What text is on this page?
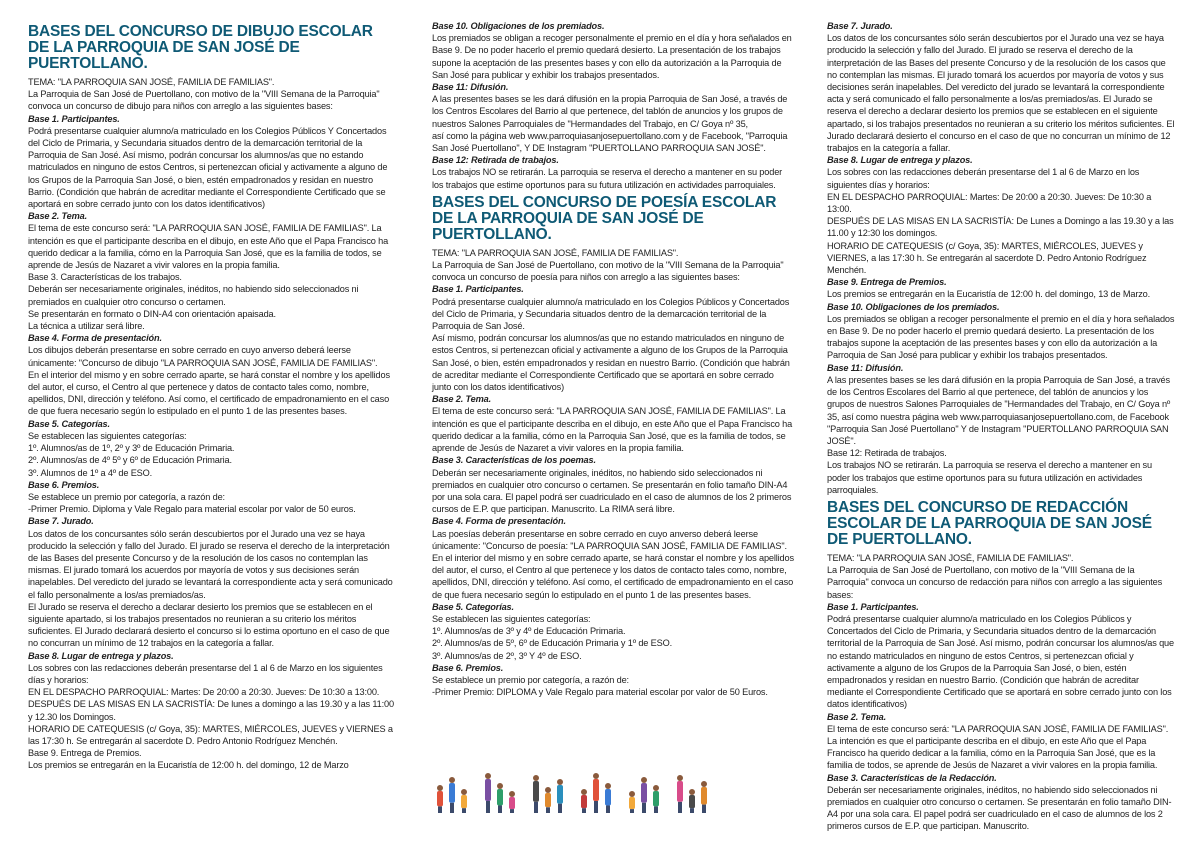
BASES DEL CONCURSO DE DIBUJO ESCOLAR DE LA PARROQUIA DE SAN JOSÉ DE PUERTOLLANO.

TEMA: "LA PARROQUIA SAN JOSÉ, FAMILIA DE FAMILIAS".

La Parroquia de San José de Puertollano, con motivo de la "VIII Semana de la Parroquia" convoca un concurso de dibujo para niños con arreglo a las siguientes bases:

Base 1. Participantes.

Podrá presentarse cualquier alumno/a matriculado en los Colegios Públicos Y Concertados del Ciclo de Primaria, y Secundaria situados dentro de la demarcación territorial de la Parroquia de San José. Así mismo, podrán concursar los alumnos/as que no estando matriculados en ninguno de estos Centros, si pertenezcan oficial y activamente a alguno de los Grupos de la Parroquia San José, o bien, estén empadronados y residan en nuestro Barrio. (Condición que habrán de acreditar mediante el Correspondiente Certificado que se aportará en sobre cerrado junto con los datos identificativos)

Base 2. Tema.

El tema de este concurso será: "LA PARROQUIA SAN JOSÉ, FAMILIA DE FAMILIAS". La intención es que el participante describa en el dibujo, en este Año que el Papa Francisco ha querido dedicar a la familia, cómo en la Parroquia San José, que es la familia de todos, se aprende de Jesús de Nazaret a vivir valores en la propia familia.

Base 3. Características de los trabajos.

Deberán ser necesariamente originales, inéditos, no habiendo sido seleccionados ni premiados en cualquier otro concurso o certamen.

Se presentarán en formato o DIN-A4 con orientación apaisada.

La técnica a utilizar será libre.

Base 4. Forma de presentación.

Los dibujos deberán presentarse en sobre cerrado en cuyo anverso deberá leerse únicamente: "Concurso de dibujo "LA PARROQUIA SAN JOSÉ, FAMILIA DE FAMILIAS".

En el interior del mismo y en sobre cerrado aparte, se hará constar el nombre y los apellidos del autor, el curso, el Centro al que pertenece y datos de contacto tales como, nombre, apellidos, DNI, dirección y teléfono. Así como, el certificado de empadronamiento en el caso de que fuera necesario según lo estipulado en el punto 1 de las presentes bases.

Base 5. Categorías.

Se establecen las siguientes categorías:

1º. Alumnos/as de 1º, 2º y 3º de Educación Primaria.

2º. Alumnos/as de 4º 5º y 6º de Educación Primaria.

3º. Alumnos de 1º a 4º de ESO.

Base 6. Premios.

Se establece un premio por categoría, a razón de:

-Primer Premio. Diploma y Vale Regalo para material escolar por valor de 50 euros.

Base 7. Jurado.

Los datos de los concursantes sólo serán descubiertos por el Jurado una vez se haya producido la selección y fallo del Jurado. El jurado se reserva el derecho de la interpretación de las Bases del presente Concurso y de la resolución de los casos no contemplan las mismas. El jurado tomará los acuerdos por mayoría de votos y sus decisiones serán inapelables. Del veredicto del jurado se levantará la correspondiente acta y será comunicado el fallo personalmente a los/as premiados/as.

El Jurado se reserva el derecho a declarar desierto los premios que se establecen en el siguiente apartado, si los trabajos presentados no reunieran a su criterio los méritos suficientes. El Jurado declarará desierto el concurso si lo estima oportuno en el caso de que no concurran un mínimo de 12 trabajos en la categoría a fallar.

Base 8. Lugar de entrega y plazos.

Los sobres con las redacciones deberán presentarse del 1 al 6 de Marzo en los siguientes días y horarios:

EN EL DESPACHO PARROQUIAL: Martes: De 20:00 a 20:30. Jueves: De 10:30 a 13:00.

DESPUÉS DE LAS MISAS EN LA SACRISTÍA: De lunes a domingo a las 19.30 y a las 11:00 y 12.30 los Domingos.

HORARIO DE CATEQUESIS (c/ Goya, 35): MARTES, MIÉRCOLES, JUEVES y VIERNES a las 17:30 h. Se entregarán al sacerdote D. Pedro Antonio Rodríguez Menchén.

Base 9. Entrega de Premios.

Los premios se entregarán en la Eucaristía de 12:00 h. del domingo, 12 de Marzo

Base 10. Obligaciones de los premiados.

Los premiados se obligan a recoger personalmente el premio en el día y hora señalados en Base 9. De no poder hacerlo el premio quedará desierto. La presentación de los trabajos supone la aceptación de las presentes bases y con ello da autorización a la Parroquia de San José para publicar y exhibir los trabajos presentados.

Base 11: Difusión.

A las presentes bases se les dará difusión en la propia Parroquia de San José, a través de los Centros Escolares del Barrio al que pertenece, del tablón de anuncios y los grupos de nuestros Salones Parroquiales de "Hermandades del Trabajo, en C/ Goya nº 35,

así como la página web www.parroquiasanjosepuertollano.com y de Facebook, "Parroquia San José Puertollano", Y DE Instagram "PUERTOLLANO PARROQUIA SAN JOSÉ".

Base 12: Retirada de trabajos.

Los trabajos NO se retirarán. La parroquia se reserva el derecho a mantener en su poder los trabajos que estime oportunos para su futura utilización en actividades parroquiales.

BASES DEL CONCURSO DE POESÍA ESCOLAR DE LA PARROQUIA DE SAN JOSÉ DE PUERTOLLANO.

TEMA: "LA PARROQUIA SAN JOSÉ, FAMILIA DE FAMILIAS".

La Parroquia de San José de Puertollano, con motivo de la "VIII Semana de la Parroquia" convoca un concurso de poesía para niños con arreglo a las siguientes bases:

Base 1. Participantes.

Podrá presentarse cualquier alumno/a matriculado en los Colegios Públicos y Concertados del Ciclo de Primaria, y Secundaria situados dentro de la demarcación territorial de la Parroquia de San José.

Así mismo, podrán concursar los alumnos/as que no estando matriculados en ninguno de estos Centros, si pertenezcan oficial y activamente a alguno de los Grupos de la Parroquia San José, o bien, estén empadronados y residan en nuestro Barrio. (Condición que habrán de acreditar mediante el Correspondiente Certificado que se aportará en sobre cerrado junto con los datos identificativos)

Base 2. Tema.

El tema de este concurso será: "LA PARROQUIA SAN JOSÉ, FAMILIA DE FAMILIAS". La intención es que el participante describa en el dibujo, en este Año que el Papa Francisco ha querido dedicar a la familia, cómo en la Parroquia San José, que es la familia de todos, se aprende de Jesús de Nazaret a vivir valores en la propia familia.

Base 3. Características de los poemas.

Deberán ser necesariamente originales, inéditos, no habiendo sido seleccionados ni premiados en cualquier otro concurso o certamen. Se presentarán en folio tamaño DIN-A4 por una sola cara. El papel podrá ser cuadriculado en el caso de alumnos de los 2 primeros cursos de E.P. que participan. Manuscrito. La RIMA será libre.

Base 4. Forma de presentación.

Las poesías deberán presentarse en sobre cerrado en cuyo anverso deberá leerse únicamente: "Concurso de poesía: "LA PARROQUIA SAN JOSÉ, FAMILIA DE FAMILIAS".

En el interior del mismo y en sobre cerrado aparte, se hará constar el nombre y los apellidos del autor, el curso, el Centro al que pertenece y los datos de contacto tales como, nombre, apellidos, DNI, dirección y teléfono. Así como, el certificado de empadronamiento en el caso de que fuera necesario según lo estipulado en el punto 1 de las presentes bases.

Base 5. Categorías.

Se establecen las siguientes categorías:

1º. Alumnos/as de 3º y 4º de Educación Primaria.

2º. Alumnos/as de 5º, 6º de Educación Primaria y 1º de ESO.

3º. Alumnos/as de 2º, 3º Y 4º de ESO.

Base 6. Premios.

Se establece un premio por categoría, a razón de:

-Primer Premio: DIPLOMA y Vale Regalo para material escolar por valor de 50 Euros.

Base 7. Jurado.

Los datos de los concursantes sólo serán descubiertos por el Jurado una vez se haya producido la selección y fallo del Jurado. El jurado se reserva el derecho de la interpretación de las Bases del presente Concurso y de la resolución de los casos que no contemplan las mismas. El jurado tomará los acuerdos por mayoría de votos y sus decisiones serán inapelables. Del veredicto del jurado se levantará la correspondiente acta y será comunicado el fallo personalmente a los/as premiados/as. El Jurado se reserva el derecho a declarar desierto los premios que se establecen en el siguiente apartado, si los trabajos presentados no reunieran a su criterio los méritos suficientes. El Jurado declarará desierto el concurso en el caso de que no concurran un mínimo de 12 trabajos en la categoría a fallar.

Base 8. Lugar de entrega y plazos.

Los sobres con las redacciones deberán presentarse del 1 al 6 de Marzo en los siguientes días y horarios:

EN EL DESPACHO PARROQUIAL: Martes: De 20:00 a 20:30. Jueves: De 10:30 a 13:00.

DESPUÉS DE LAS MISAS EN LA SACRISTÍA: De Lunes a Domingo a las 19.30 y a las 11.00 y 12:30 los domingos.

HORARIO DE CATEQUESIS (c/ Goya, 35): MARTES, MIÉRCOLES, JUEVES y VIERNES, a las 17:30 h. Se entregarán al sacerdote D. Pedro Antonio Rodríguez Menchén.

Base 9. Entrega de Premios.

Los premios se entregarán en la Eucaristía de 12:00 h. del domingo, 13 de Marzo.

Base 10. Obligaciones de los premiados.

Los premiados se obligan a recoger personalmente el premio en el día y hora señalados en Base 9. De no poder hacerlo el premio quedará desierto. La presentación de los trabajos supone la aceptación de las presentes bases y con ello da autorización a la Parroquia de San José para publicar y exhibir los trabajos presentados.

Base 11: Difusión.

A las presentes bases se les dará difusión en la propia Parroquia de San José, a través de los Centros Escolares del Barrio al que pertenece, del tablón de anuncios y los grupos de nuestros Salones Parroquiales de "Hermandades del Trabajo, en C/ Goya nº 35, así como nuestra página web www.parroquiasanjosepuertollano.com, de Facebook "Parroquia San José Puertollano" Y de Instagram "PUERTOLLANO PARROQUIA SAN JOSÉ".

Base 12: Retirada de trabajos.

Los trabajos NO se retirarán. La parroquia se reserva el derecho a mantener en su poder los trabajos que estime oportunos para su futura utilización en actividades parroquiales.

BASES DEL CONCURSO DE REDACCIÓN ESCOLAR DE LA PARROQUIA DE SAN JOSÉ DE PUERTOLLANO.

TEMA: "LA PARROQUIA SAN JOSÉ, FAMILIA DE FAMILIAS".

La Parroquia de San José de Puertollano, con motivo de la "VIII Semana de la Parroquia" convoca un concurso de redacción para niños con arreglo a las siguientes bases:

Base 1. Participantes.

Podrá presentarse cualquier alumno/a matriculado en los Colegios Públicos y Concertados del Ciclo de Primaria, y Secundaria situados dentro de la demarcación territorial de la Parroquia de San José. Así mismo, podrán concursar los alumnos/as que no estando matriculados en ninguno de estos Centros, si pertenezcan oficial y activamente a alguno de los Grupos de la Parroquia San José, o bien, estén empadronados y residan en nuestro Barrio. (Condición que habrán de acreditar mediante el Correspondiente Certificado que se aportará en sobre cerrado junto con los datos identificativos)

Base 2. Tema.

El tema de este concurso será: "LA PARROQUIA SAN JOSÉ, FAMILIA DE FAMILIAS". La intención es que el participante describa en el dibujo, en este Año que el Papa Francisco ha querido dedicar a la familia, cómo en la Parroquia San José, que es la familia de todos, se aprende de Jesús de Nazaret a vivir valores en la propia familia.

Base 3. Características de la Redacción.

Deberán ser necesariamente originales, inéditos, no habiendo sido seleccionados ni premiados en cualquier otro concurso o certamen. Se presentarán en folio tamaño DIN-A4 por una sola cara. El papel podrá ser cuadriculado en el caso de alumnos de los 2 primeros cursos de E.P. que participan. Manuscrito.
